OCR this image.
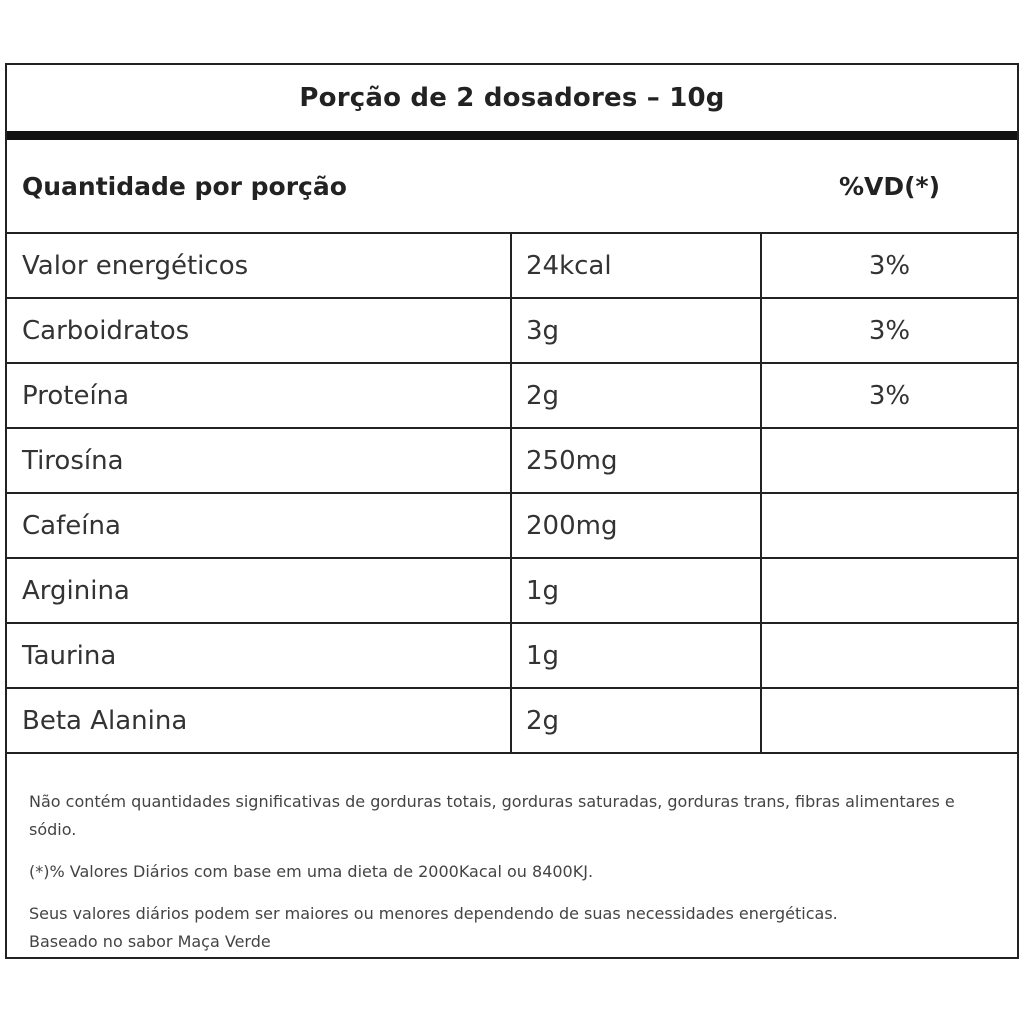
Porção de 2 dosadores – 10g
Quantidade por porção	%VD(*)
Valor energéticos	24kcal	3%
Carboidratos	3g	3%
Proteína	2g	3%
Tirosína	250mg
Cafeína	200mg
Arginina	1g
Taurina	1g
Beta Alanina	2g

Não contém quantidades significativas de gorduras totais, gorduras saturadas, gorduras trans, fibras alimentares e sódio.

(*)% Valores Diários com base em uma dieta de 2000Kacal ou 8400KJ.

Seus valores diários podem ser maiores ou menores dependendo de suas necessidades energéticas.
Baseado no sabor Maça Verde
